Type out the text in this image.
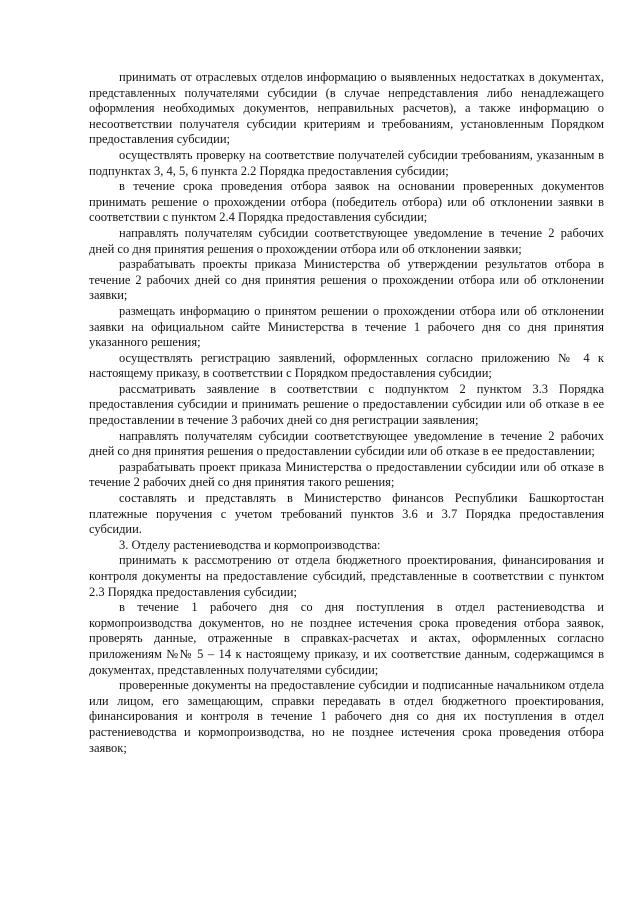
принимать от отраслевых отделов информацию о выявленных недостатках в документах, представленных получателями субсидии (в случае непредставления либо ненадлежащего оформления необходимых документов, неправильных расчетов), а также информацию о несоответствии получателя субсидии критериям и требованиям, установленным Порядком предоставления субсидии;

осуществлять проверку на соответствие получателей субсидии требованиям, указанным в подпунктах 3, 4, 5, 6 пункта 2.2 Порядка предоставления субсидии;

в течение срока проведения отбора заявок на основании проверенных документов принимать решение о прохождении отбора (победитель отбора) или об отклонении заявки в соответствии с пунктом 2.4 Порядка предоставления субсидии;

направлять получателям субсидии соответствующее уведомление в течение 2 рабочих дней со дня принятия решения о прохождении отбора или об отклонении заявки;

разрабатывать проекты приказа Министерства об утверждении результатов отбора в течение 2 рабочих дней со дня принятия решения о прохождении отбора или об отклонении заявки;

размещать информацию о принятом решении о прохождении отбора или об отклонении заявки на официальном сайте Министерства в течение 1 рабочего дня со дня принятия указанного решения;

осуществлять регистрацию заявлений, оформленных согласно приложению № 4 к настоящему приказу, в соответствии с Порядком предоставления субсидии;

рассматривать заявление в соответствии с подпунктом 2 пунктом 3.3 Порядка предоставления субсидии и принимать решение о предоставлении субсидии или об отказе в ее предоставлении в течение 3 рабочих дней со дня регистрации заявления;

направлять получателям субсидии соответствующее уведомление в течение 2 рабочих дней со дня принятия решения о предоставлении субсидии или об отказе в ее предоставлении;

разрабатывать проект приказа Министерства о предоставлении субсидии или об отказе в течение 2 рабочих дней со дня принятия такого решения;

составлять и представлять в Министерство финансов Республики Башкортостан платежные поручения с учетом требований пунктов 3.6 и 3.7 Порядка предоставления субсидии.

3. Отделу растениеводства и кормопроизводства:

принимать к рассмотрению от отдела бюджетного проектирования, финансирования и контроля документы на предоставление субсидий, представленные в соответствии с пунктом 2.3 Порядка предоставления субсидии;

в течение 1 рабочего дня со дня поступления в отдел растениеводства и кормопроизводства документов, но не позднее истечения срока проведения отбора заявок, проверять данные, отраженные в справках-расчетах и актах, оформленных согласно приложениям №№ 5 – 14 к настоящему приказу, и их соответствие данным, содержащимся в документах, представленных получателями субсидии;

проверенные документы на предоставление субсидии и подписанные начальником отдела или лицом, его замещающим, справки передавать в отдел бюджетного проектирования, финансирования и контроля в течение 1 рабочего дня со дня их поступления в отдел растениеводства и кормопроизводства, но не позднее истечения срока проведения отбора заявок;
